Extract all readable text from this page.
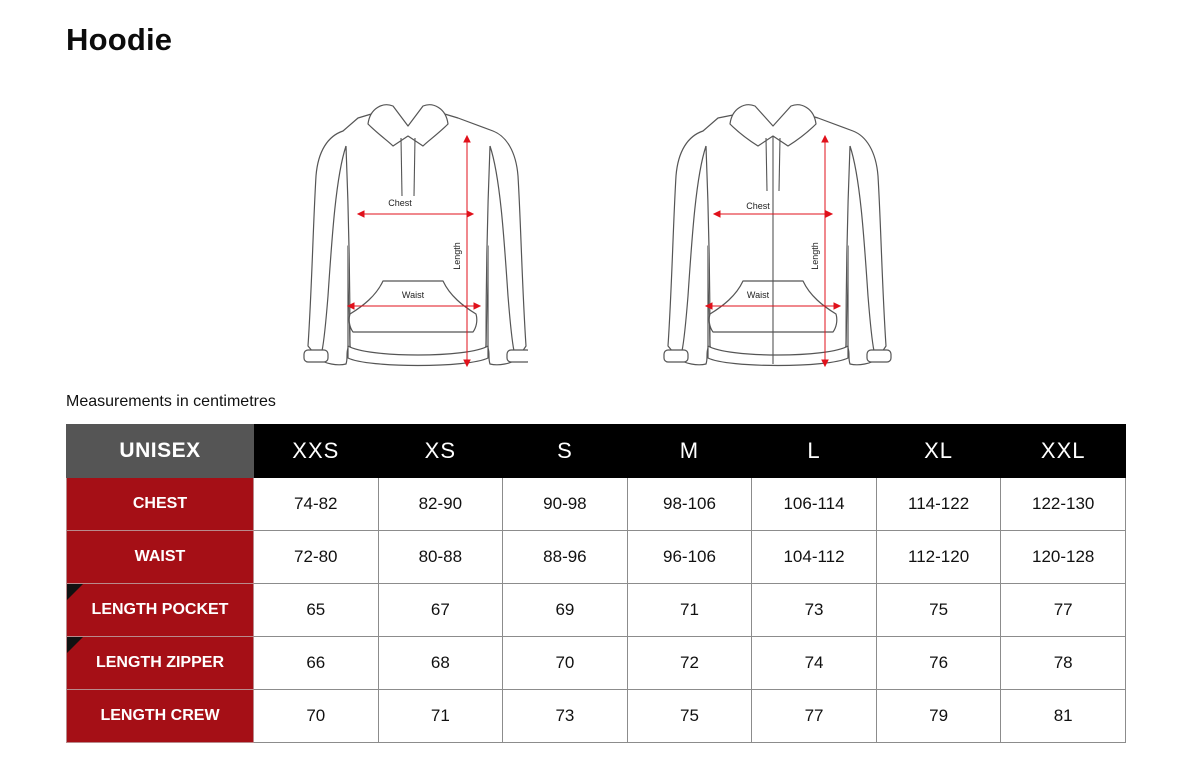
Hoodie
Chest
Waist
Length
Chest
Waist
Length
Measurements in centimetres
UNISEX	XXS	XS	S	M	L	XL	XXL
CHEST	74-82	82-90	90-98	98-106	106-114	114-122	122-130
WAIST	72-80	80-88	88-96	96-106	104-112	112-120	120-128

LENGTH POCKET	65	67	69	71	73	75	77

LENGTH ZIPPER	66	68	70	72	74	76	78
LENGTH CREW	70	71	73	75	77	79	81
